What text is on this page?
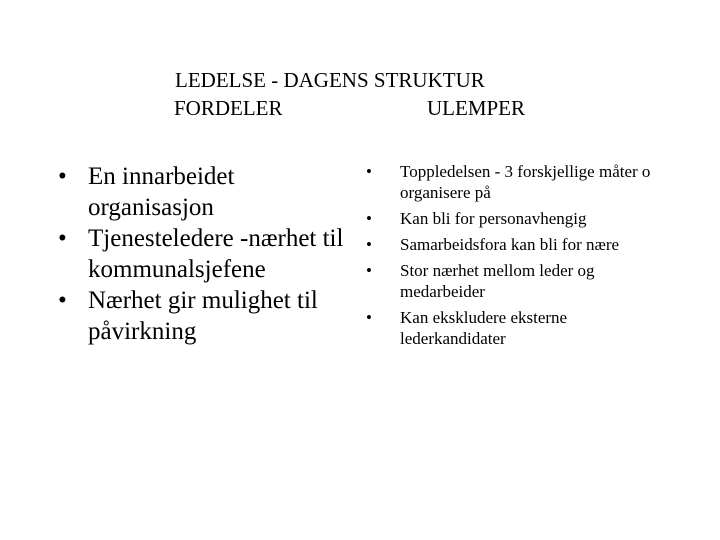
LEDELSE - DAGENS STRUKTUR
FORDELER	ULEMPER
• En innarbeidet organisasjon
• Tjenesteledere -nærhet til kommunalsjefene
• Nærhet gir mulighet til påvirkning
• Toppledelsen - 3 forskjellige måter o organisere på
• Kan bli for personavhengig
• Samarbeidsfora kan bli for nære
• Stor nærhet mellom leder og medarbeider
• Kan ekskludere eksterne lederkandidater
